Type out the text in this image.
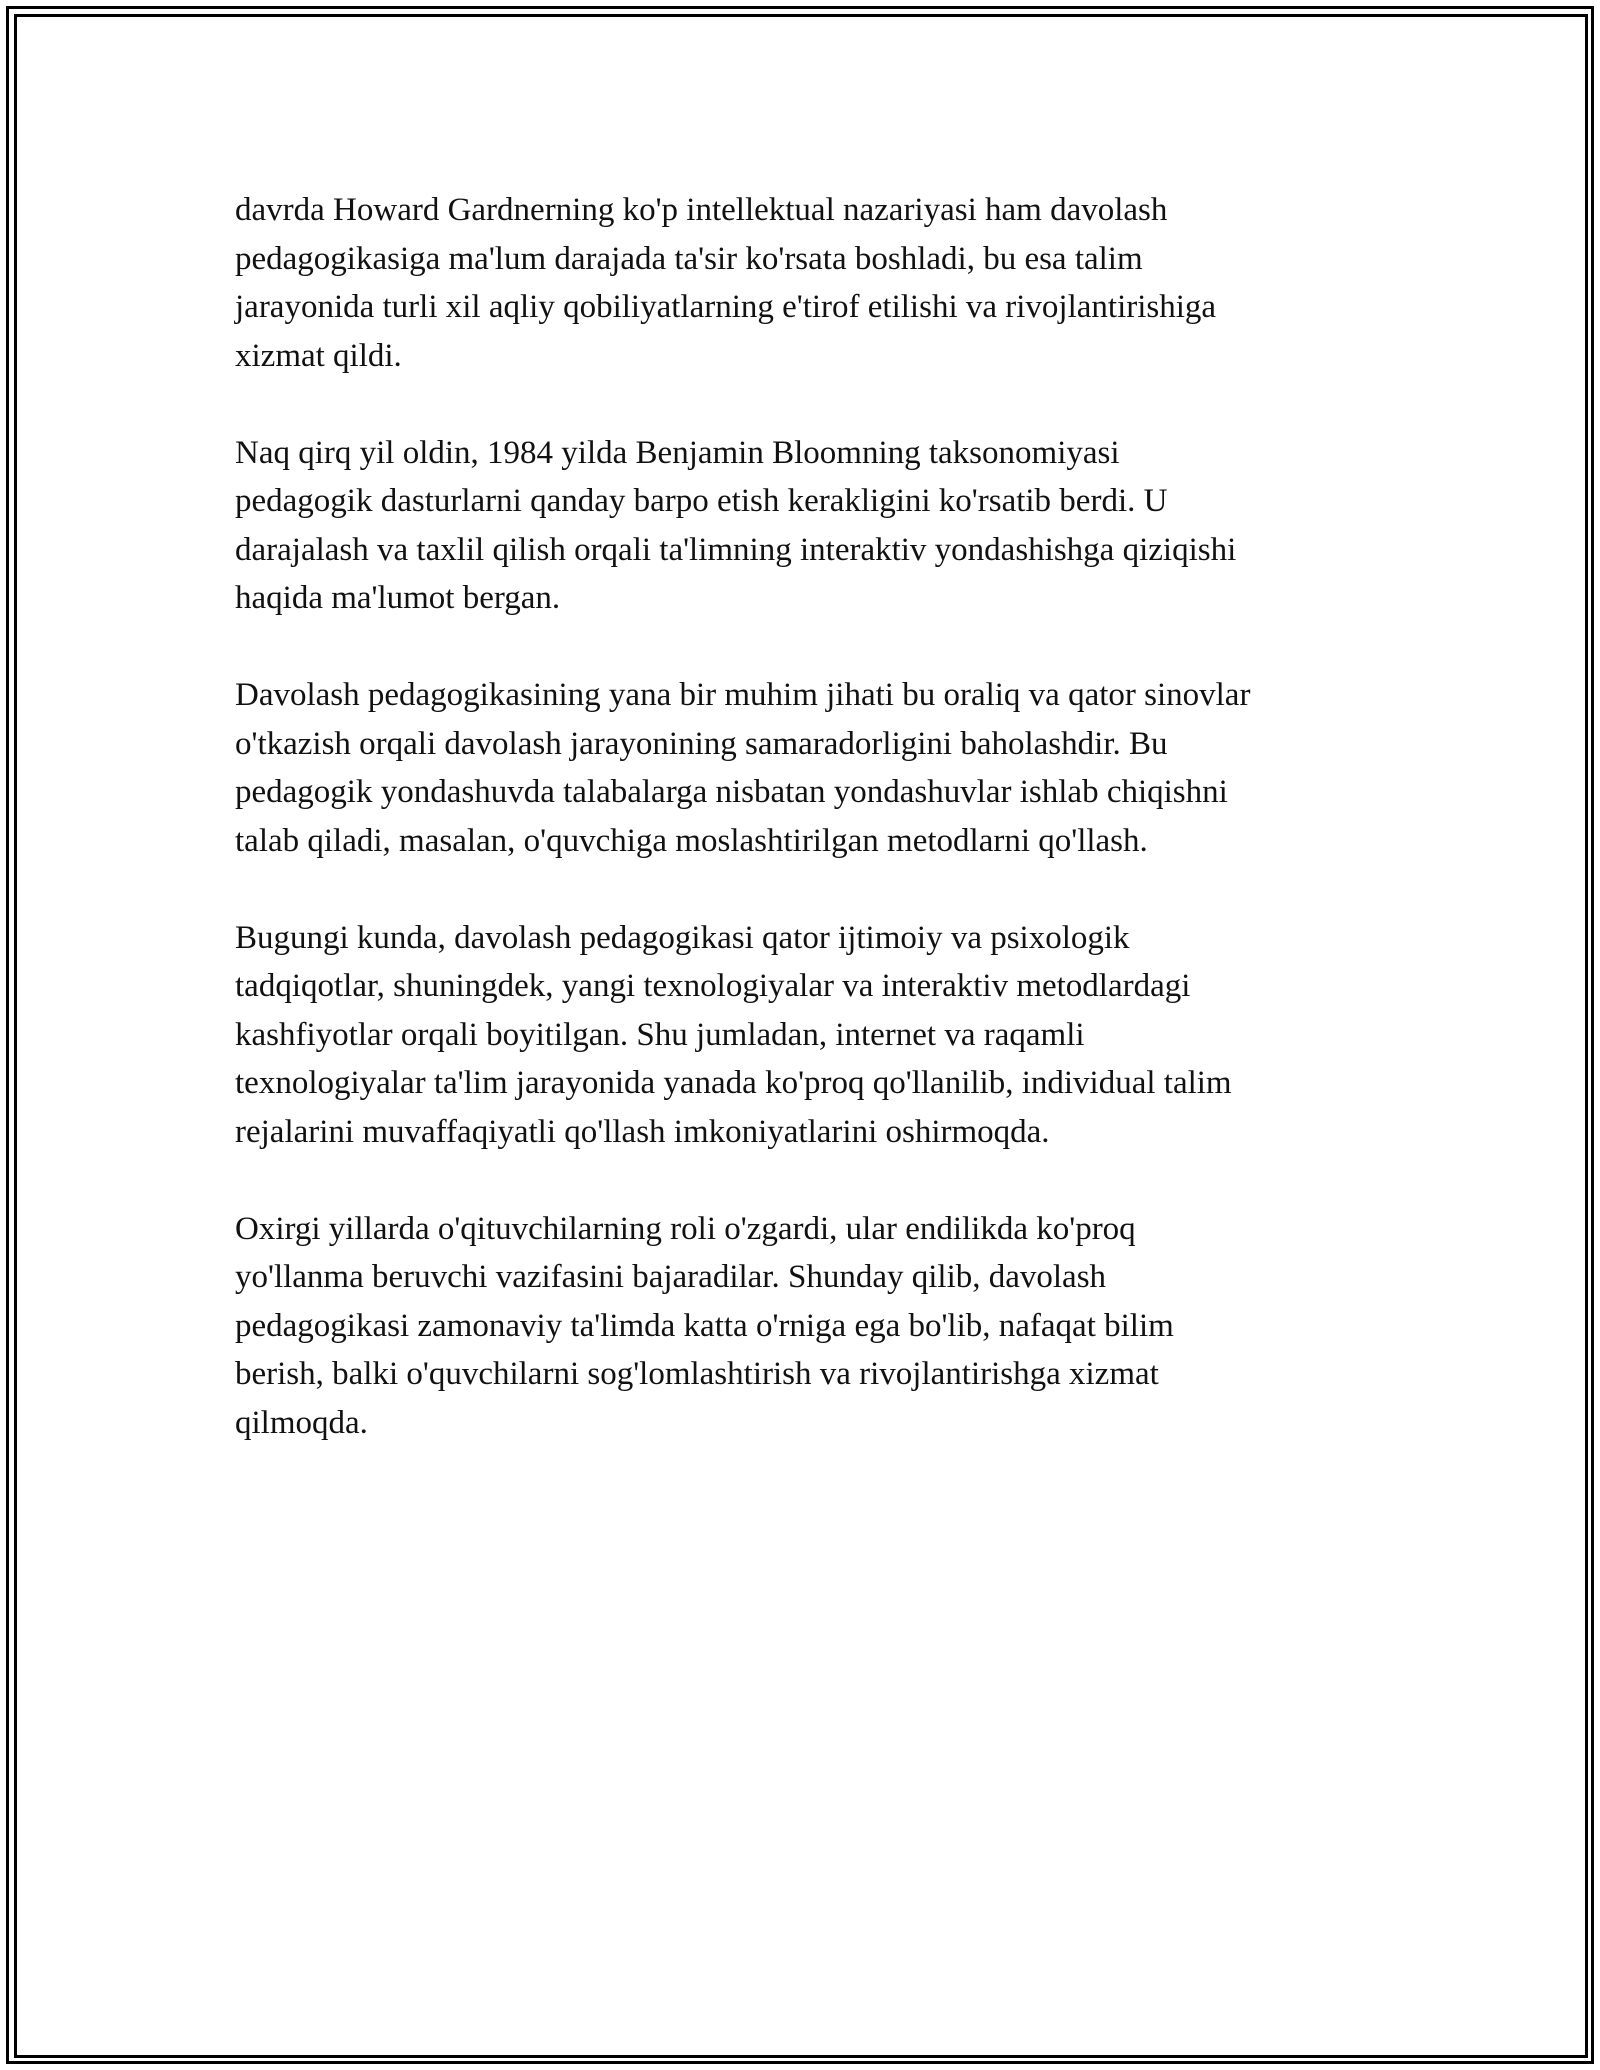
davrda Howard Gardnerning ko'p intellektual nazariyasi ham davolash
pedagogikasiga ma'lum darajada ta'sir ko'rsata boshladi, bu esa talim
jarayonida turli xil aqliy qobiliyatlarning e'tirof etilishi va rivojlantirishiga
xizmat qildi.

Naq qirq yil oldin, 1984 yilda Benjamin Bloomning taksonomiyasi
pedagogik dasturlarni qanday barpo etish kerakligini ko'rsatib berdi. U
darajalash va taxlil qilish orqali ta'limning interaktiv yondashishga qiziqishi
haqida ma'lumot bergan.

Davolash pedagogikasining yana bir muhim jihati bu oraliq va qator sinovlar
o'tkazish orqali davolash jarayonining samaradorligini baholashdir. Bu
pedagogik yondashuvda talabalarga nisbatan yondashuvlar ishlab chiqishni
talab qiladi, masalan, o'quvchiga moslashtirilgan metodlarni qo'llash.

Bugungi kunda, davolash pedagogikasi qator ijtimoiy va psixologik
tadqiqotlar, shuningdek, yangi texnologiyalar va interaktiv metodlardagi
kashfiyotlar orqali boyitilgan. Shu jumladan, internet va raqamli
texnologiyalar ta'lim jarayonida yanada ko'proq qo'llanilib, individual talim
rejalarini muvaffaqiyatli qo'llash imkoniyatlarini oshirmoqda.

Oxirgi yillarda o'qituvchilarning roli o'zgardi, ular endilikda ko'proq
yo'llanma beruvchi vazifasini bajaradilar. Shunday qilib, davolash
pedagogikasi zamonaviy ta'limda katta o'rniga ega bo'lib, nafaqat bilim
berish, balki o'quvchilarni sog'lomlashtirish va rivojlantirishga xizmat
qilmoqda.
